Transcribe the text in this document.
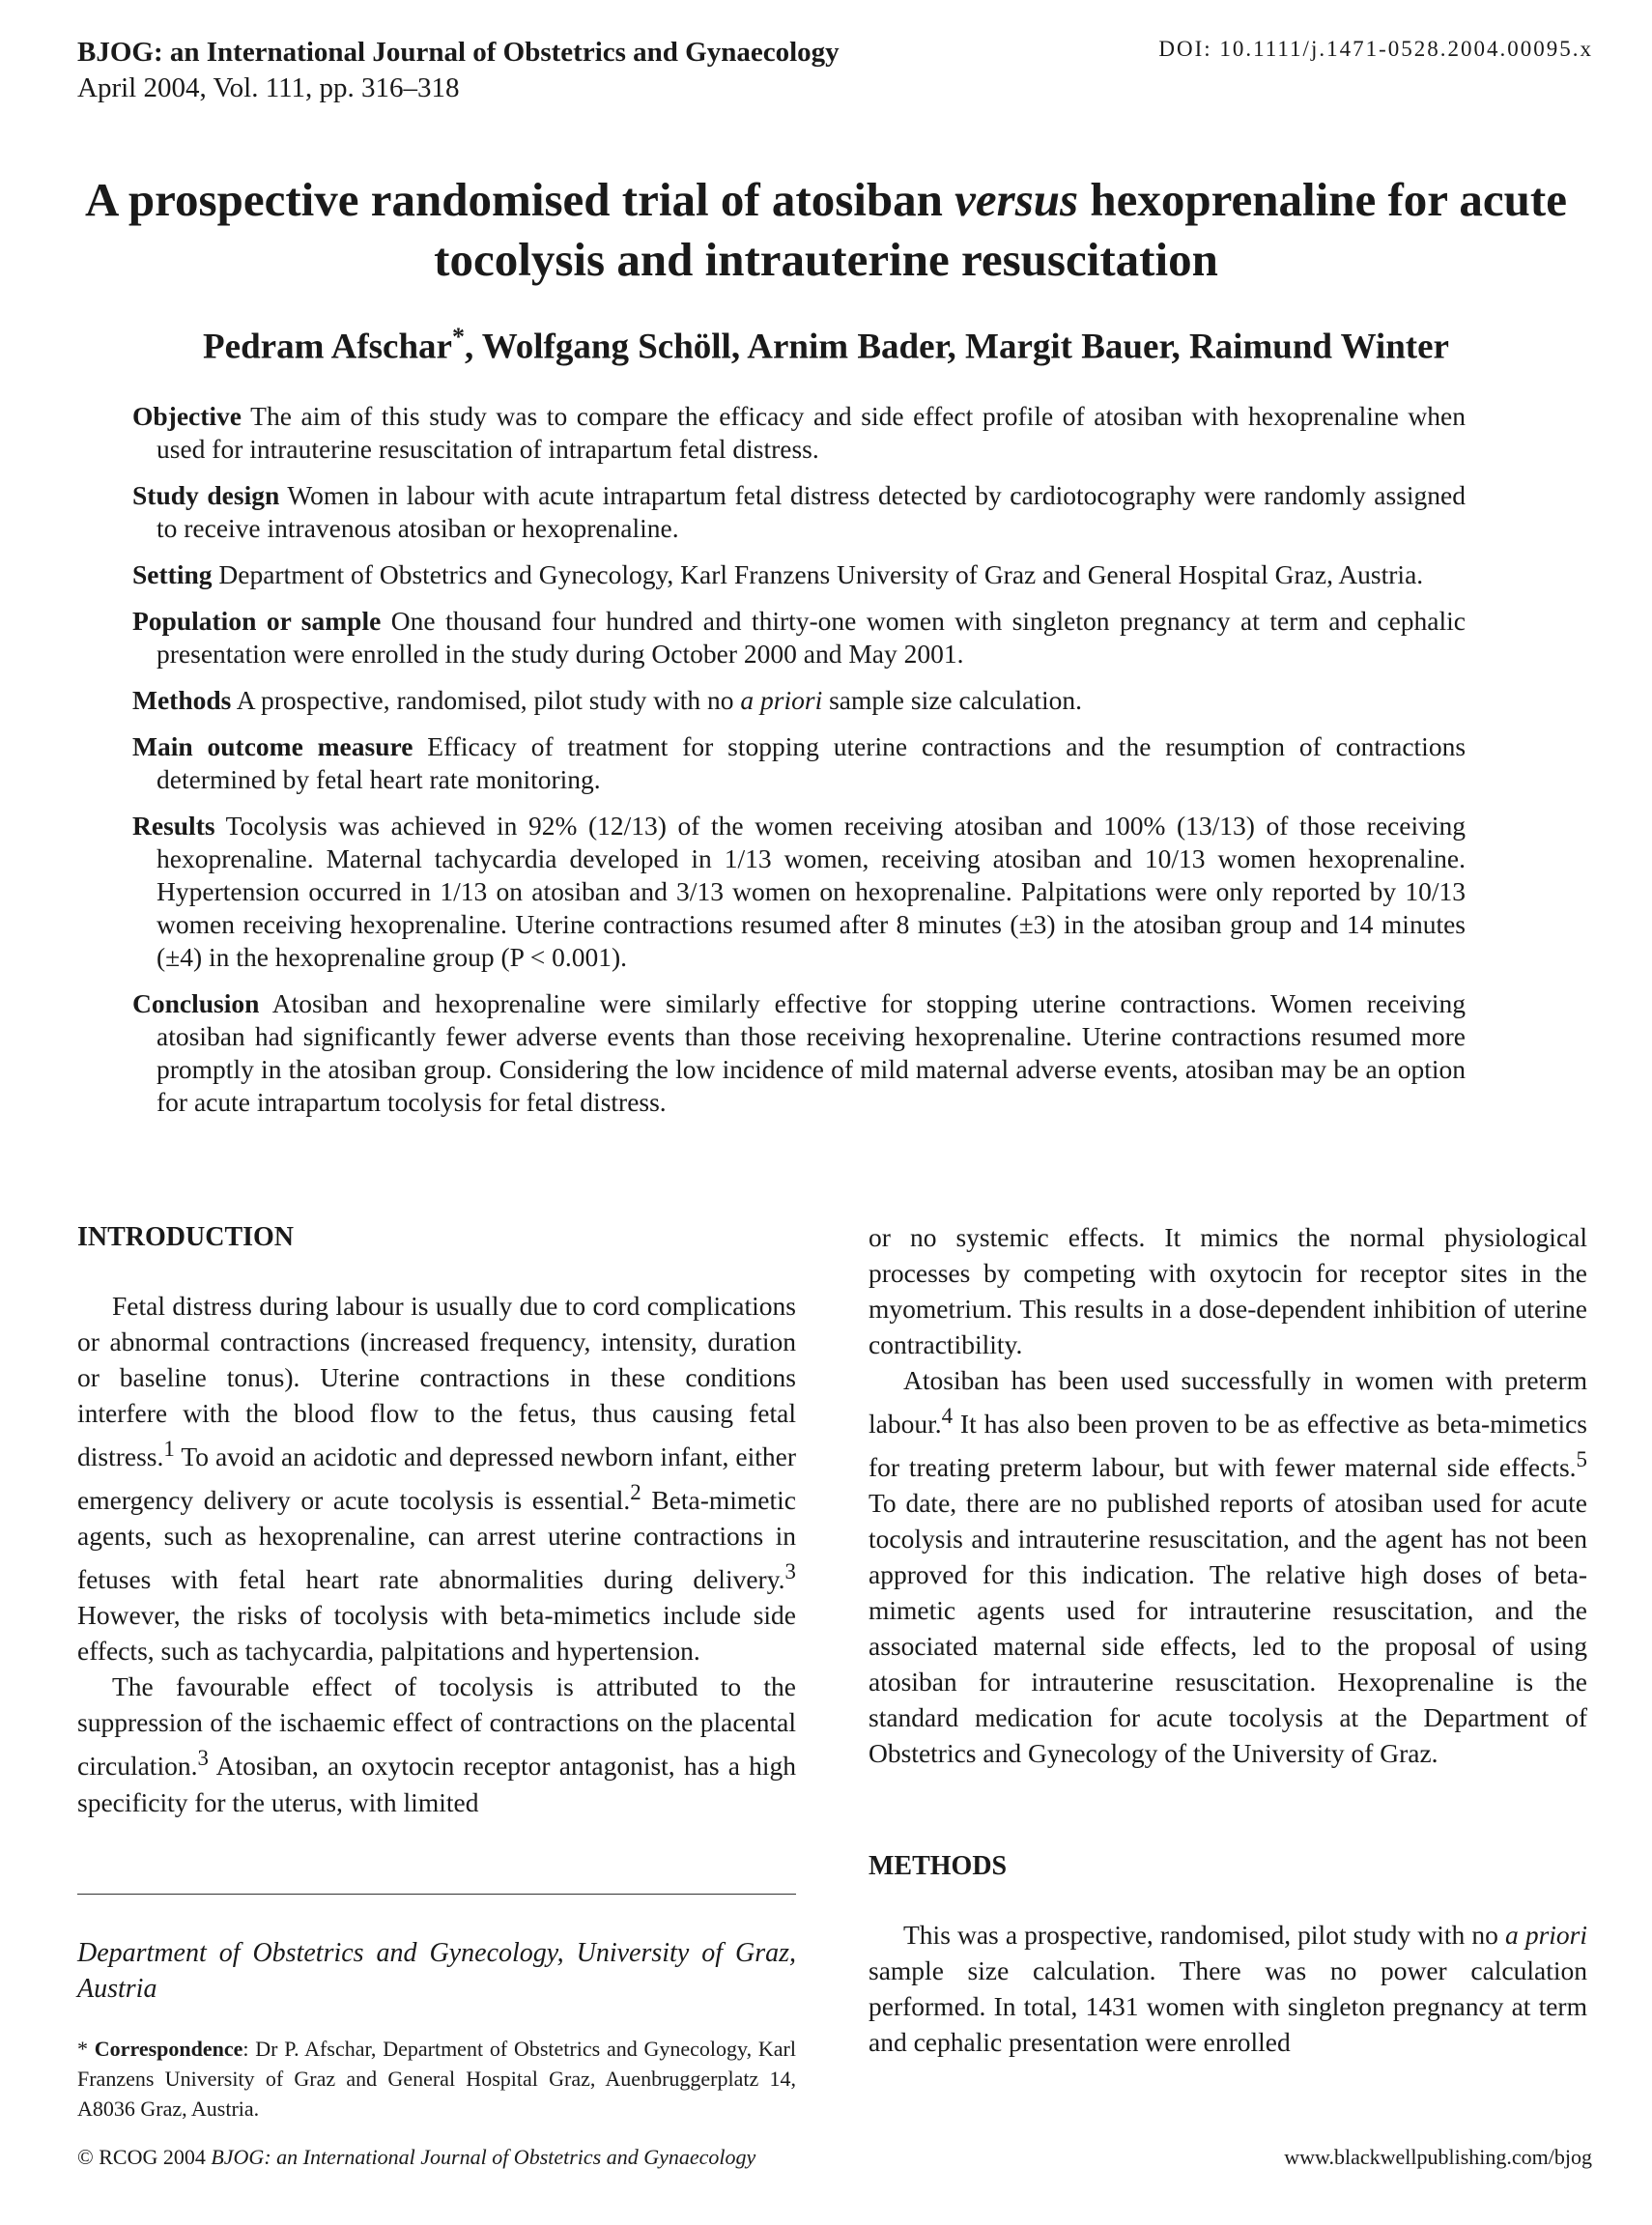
BJOG: an International Journal of Obstetrics and Gynaecology
April 2004, Vol. 111, pp. 316–318
DOI: 10.1111/j.1471-0528.2004.00095.x
A prospective randomised trial of atosiban versus hexoprenaline for acute tocolysis and intrauterine resuscitation
Pedram Afschar*, Wolfgang Schöll, Arnim Bader, Margit Bauer, Raimund Winter
Objective The aim of this study was to compare the efficacy and side effect profile of atosiban with hexoprenaline when used for intrauterine resuscitation of intrapartum fetal distress.
Study design Women in labour with acute intrapartum fetal distress detected by cardiotocography were randomly assigned to receive intravenous atosiban or hexoprenaline.
Setting Department of Obstetrics and Gynecology, Karl Franzens University of Graz and General Hospital Graz, Austria.
Population or sample One thousand four hundred and thirty-one women with singleton pregnancy at term and cephalic presentation were enrolled in the study during October 2000 and May 2001.
Methods A prospective, randomised, pilot study with no a priori sample size calculation.
Main outcome measure Efficacy of treatment for stopping uterine contractions and the resumption of contractions determined by fetal heart rate monitoring.
Results Tocolysis was achieved in 92% (12/13) of the women receiving atosiban and 100% (13/13) of those receiving hexoprenaline. Maternal tachycardia developed in 1/13 women, receiving atosiban and 10/13 women hexoprenaline. Hypertension occurred in 1/13 on atosiban and 3/13 women on hexoprenaline. Palpitations were only reported by 10/13 women receiving hexoprenaline. Uterine contractions resumed after 8 minutes (±3) in the atosiban group and 14 minutes (±4) in the hexoprenaline group (P < 0.001).
Conclusion Atosiban and hexoprenaline were similarly effective for stopping uterine contractions. Women receiving atosiban had significantly fewer adverse events than those receiving hexoprenaline. Uterine contractions resumed more promptly in the atosiban group. Considering the low incidence of mild maternal adverse events, atosiban may be an option for acute intrapartum tocolysis for fetal distress.
INTRODUCTION

Fetal distress during labour is usually due to cord complications or abnormal contractions (increased frequency, intensity, duration or baseline tonus). Uterine contractions in these conditions interfere with the blood flow to the fetus, thus causing fetal distress.$^1$ To avoid an acidotic and depressed newborn infant, either emergency delivery or acute tocolysis is essential.$^2$ Beta-mimetic agents, such as hexoprenaline, can arrest uterine contractions in fetuses with fetal heart rate abnormalities during delivery.$^3$ However, the risks of tocolysis with beta-mimetics include side effects, such as tachycardia, palpitations and hypertension.

The favourable effect of tocolysis is attributed to the suppression of the ischaemic effect of contractions on the placental circulation.$^3$ Atosiban, an oxytocin receptor antagonist, has a high specificity for the uterus, with limited

Department of Obstetrics and Gynecology, University of Graz, Austria
* Correspondence: Dr P. Afschar, Department of Obstetrics and Gynecology, Karl Franzens University of Graz and General Hospital Graz, Auenbruggerplatz 14, A8036 Graz, Austria.

or no systemic effects. It mimics the normal physiological processes by competing with oxytocin for receptor sites in the myometrium. This results in a dose-dependent inhibition of uterine contractibility.

Atosiban has been used successfully in women with preterm labour.$^4$ It has also been proven to be as effective as beta-mimetics for treating preterm labour, but with fewer maternal side effects.$^5$ To date, there are no published reports of atosiban used for acute tocolysis and intrauterine resuscitation, and the agent has not been approved for this indication. The relative high doses of beta-mimetic agents used for intrauterine resuscitation, and the associated maternal side effects, led to the proposal of using atosiban for intrauterine resuscitation. Hexoprenaline is the standard medication for acute tocolysis at the Department of Obstetrics and Gynecology of the University of Graz.

METHODS

This was a prospective, randomised, pilot study with no a priori sample size calculation. There was no power calculation performed. In total, 1431 women with singleton pregnancy at term and cephalic presentation were enrolled

© RCOG 2004 BJOG: an International Journal of Obstetrics and Gynaecology	www.blackwellpublishing.com/bjog
